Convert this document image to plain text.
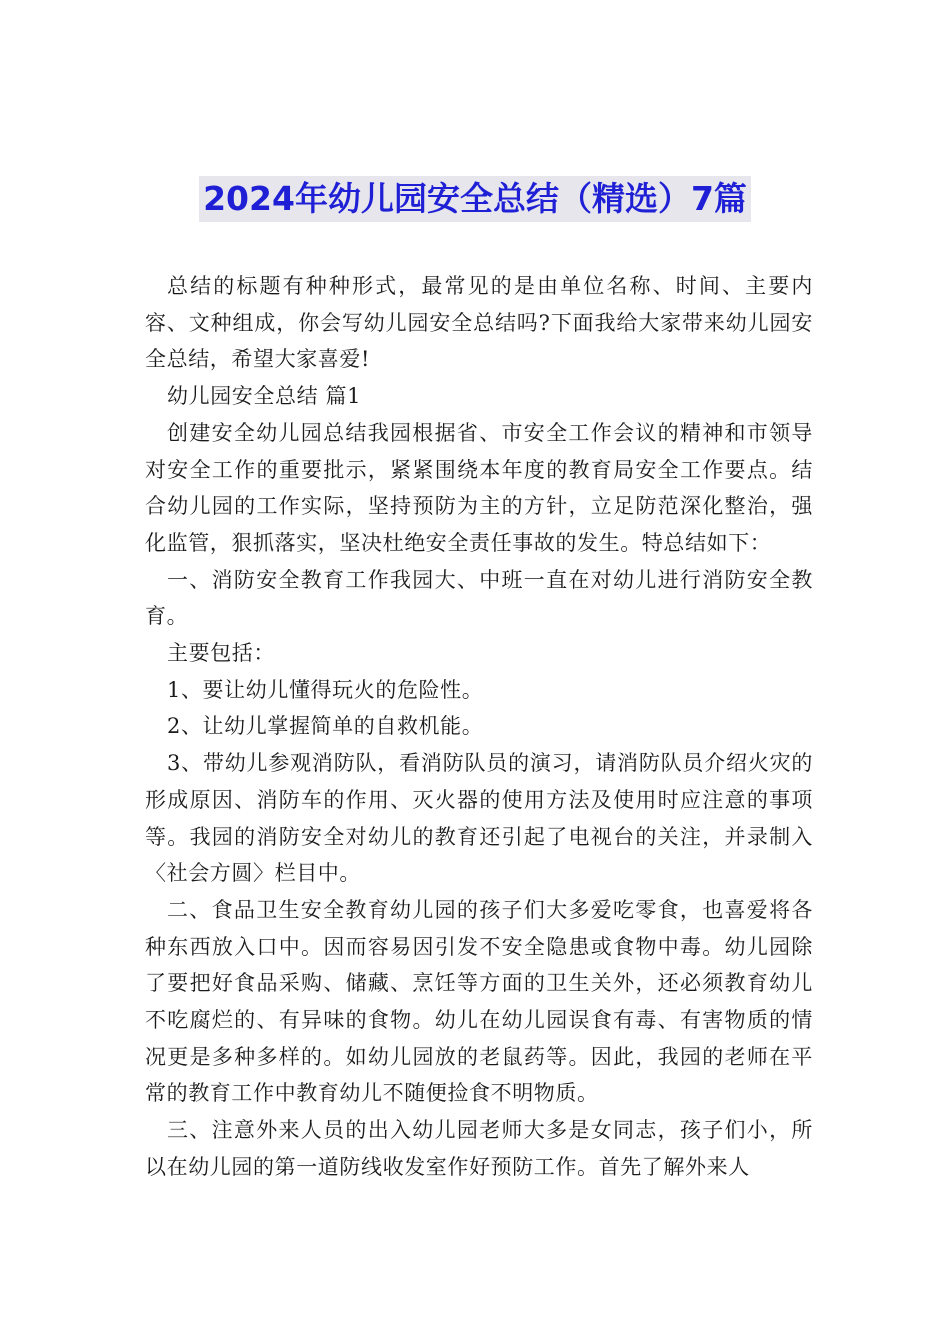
2024年幼儿园安全总结（精选）7篇

总结的标题有种种形式，最常见的是由单位名称、时间、主要内容、文种组成，你会写幼儿园安全总结吗?下面我给大家带来幼儿园安全总结，希望大家喜爱!

幼儿园安全总结 篇1

创建安全幼儿园总结我园根据省、市安全工作会议的精神和市领导对安全工作的重要批示，紧紧围绕本年度的教育局安全工作要点。结合幼儿园的工作实际，坚持预防为主的方针，立足防范深化整治，强化监管，狠抓落实，坚决杜绝安全责任事故的发生。特总结如下：

一、消防安全教育工作我园大、中班一直在对幼儿进行消防安全教育。

主要包括：

1、要让幼儿懂得玩火的危险性。

2、让幼儿掌握简单的自救机能。

3、带幼儿参观消防队，看消防队员的演习，请消防队员介绍火灾的形成原因、消防车的作用、灭火器的使用方法及使用时应注意的事项等。我园的消防安全对幼儿的教育还引起了电视台的关注，并录制入〈社会方圆〉栏目中。

二、食品卫生安全教育幼儿园的孩子们大多爱吃零食，也喜爱将各种东西放入口中。因而容易因引发不安全隐患或食物中毒。幼儿园除了要把好食品采购、储藏、烹饪等方面的卫生关外，还必须教育幼儿不吃腐烂的、有异味的食物。幼儿在幼儿园误食有毒、有害物质的情况更是多种多样的。如幼儿园放的老鼠药等。因此，我园的老师在平常的教育工作中教育幼儿不随便捡食不明物质。

三、注意外来人员的出入幼儿园老师大多是女同志，孩子们小，所以在幼儿园的第一道防线收发室作好预防工作。首先了解外来人
